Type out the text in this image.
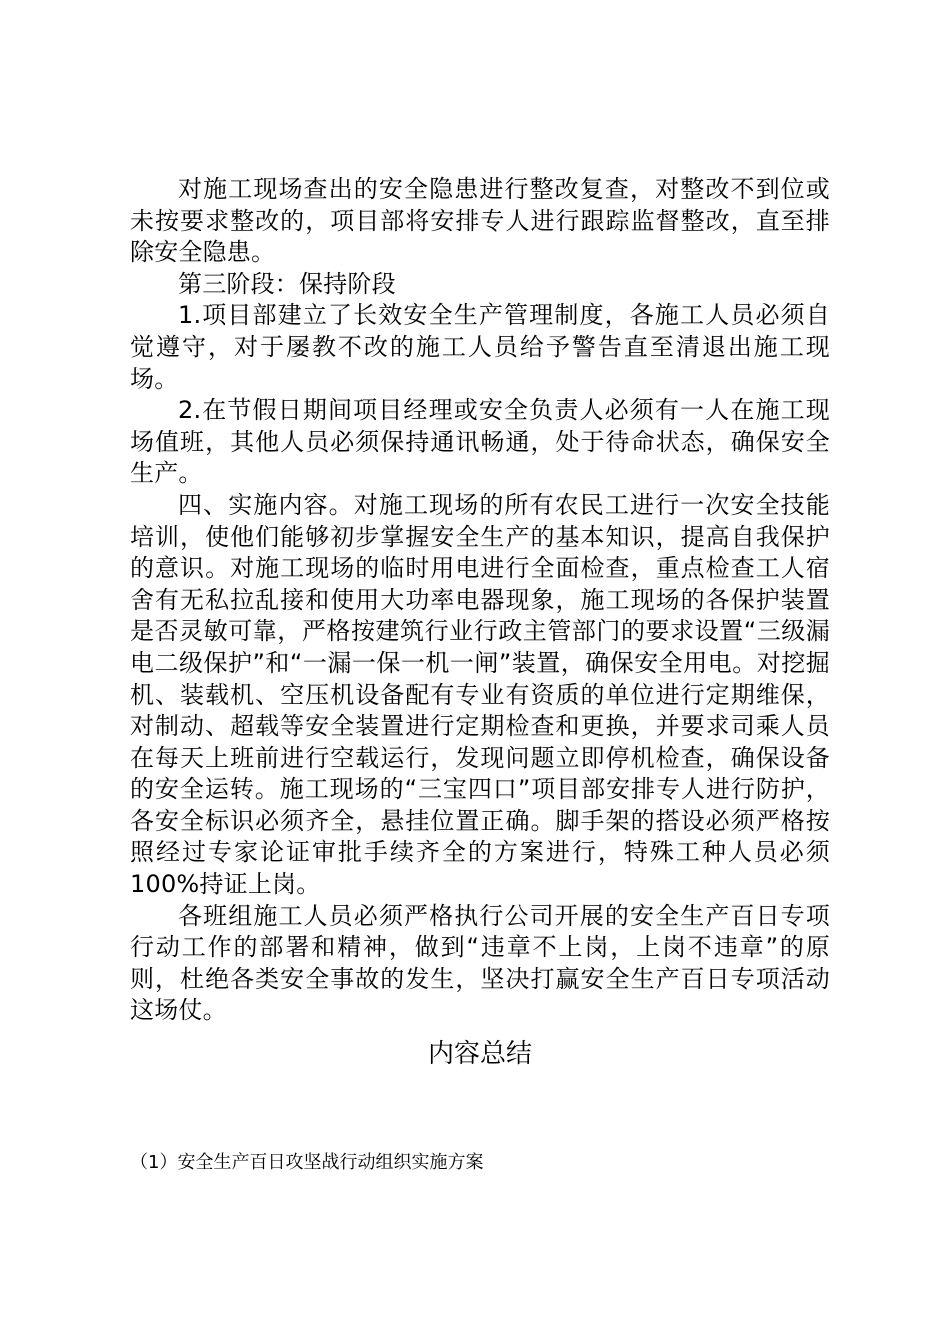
对施工现场查出的安全隐患进行整改复查，对整改不到位或未按要求整改的，项目部将安排专人进行跟踪监督整改，直至排除安全隐患。

第三阶段：保持阶段

1.项目部建立了长效安全生产管理制度，各施工人员必须自觉遵守，对于屡教不改的施工人员给予警告直至清退出施工现场。

2.在节假日期间项目经理或安全负责人必须有一人在施工现场值班，其他人员必须保持通讯畅通，处于待命状态，确保安全生产。

四、实施内容。对施工现场的所有农民工进行一次安全技能培训，使他们能够初步掌握安全生产的基本知识，提高自我保护的意识。对施工现场的临时用电进行全面检查，重点检查工人宿舍有无私拉乱接和使用大功率电器现象，施工现场的各保护装置是否灵敏可靠，严格按建筑行业行政主管部门的要求设置“三级漏电二级保护”和“一漏一保一机一闸”装置，确保安全用电。对挖掘机、装载机、空压机设备配有专业有资质的单位进行定期维保，对制动、超载等安全装置进行定期检查和更换，并要求司乘人员在每天上班前进行空载运行，发现问题立即停机检查，确保设备的安全运转。施工现场的“三宝四口”项目部安排专人进行防护，各安全标识必须齐全，悬挂位置正确。脚手架的搭设必须严格按照经过专家论证审批手续齐全的方案进行，特殊工种人员必须100%持证上岗。

各班组施工人员必须严格执行公司开展的安全生产百日专项行动工作的部署和精神，做到“违章不上岗，上岗不违章”的原则，杜绝各类安全事故的发生，坚决打赢安全生产百日专项活动这场仗。

内容总结

（1）安全生产百日攻坚战行动组织实施方案
